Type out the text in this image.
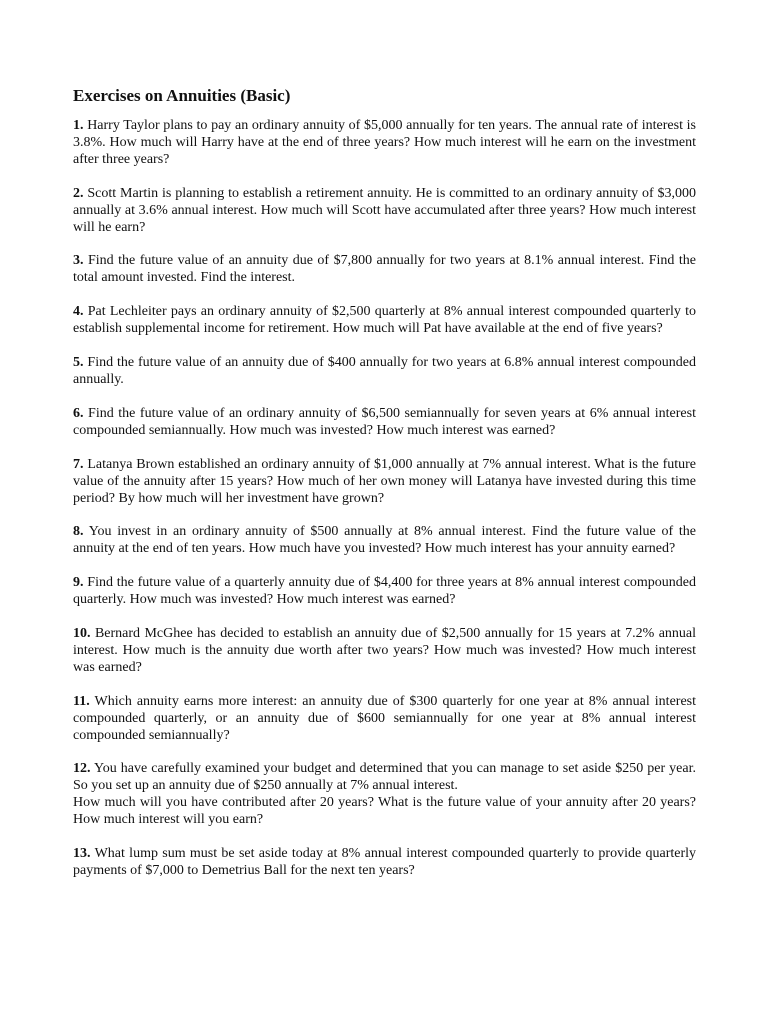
Exercises on Annuities (Basic)

1. Harry Taylor plans to pay an ordinary annuity of $5,000 annually for ten years. The annual rate of interest is 3.8%. How much will Harry have at the end of three years? How much interest will he earn on the investment after three years?

2. Scott Martin is planning to establish a retirement annuity. He is committed to an ordinary annuity of $3,000 annually at 3.6% annual interest. How much will Scott have accumulated after three years? How much interest will he earn?

3. Find the future value of an annuity due of $7,800 annually for two years at 8.1% annual interest. Find the total amount invested. Find the interest.

4. Pat Lechleiter pays an ordinary annuity of $2,500 quarterly at 8% annual interest compounded quarterly to establish supplemental income for retirement. How much will Pat have available at the end of five years?

5. Find the future value of an annuity due of $400 annually for two years at 6.8% annual interest compounded annually.

6. Find the future value of an ordinary annuity of $6,500 semiannually for seven years at 6% annual interest compounded semiannually. How much was invested? How much interest was earned?

7. Latanya Brown established an ordinary annuity of $1,000 annually at 7% annual interest. What is the future value of the annuity after 15 years? How much of her own money will Latanya have invested during this time period? By how much will her investment have grown?

8. You invest in an ordinary annuity of $500 annually at 8% annual interest. Find the future value of the annuity at the end of ten years. How much have you invested? How much interest has your annuity earned?

9. Find the future value of a quarterly annuity due of $4,400 for three years at 8% annual interest compounded quarterly. How much was invested? How much interest was earned?

10. Bernard McGhee has decided to establish an annuity due of $2,500 annually for 15 years at 7.2% annual interest. How much is the annuity due worth after two years? How much was invested? How much interest was earned?

11. Which annuity earns more interest: an annuity due of $300 quarterly for one year at 8% annual interest compounded quarterly, or an annuity due of $600 semiannually for one year at 8% annual interest compounded semiannually?

12. You have carefully examined your budget and determined that you can manage to set aside $250 per year. So you set up an annuity due of $250 annually at 7% annual interest.
How much will you have contributed after 20 years? What is the future value of your annuity after 20 years? How much interest will you earn?

13. What lump sum must be set aside today at 8% annual interest compounded quarterly to provide quarterly payments of $7,000 to Demetrius Ball for the next ten years?
